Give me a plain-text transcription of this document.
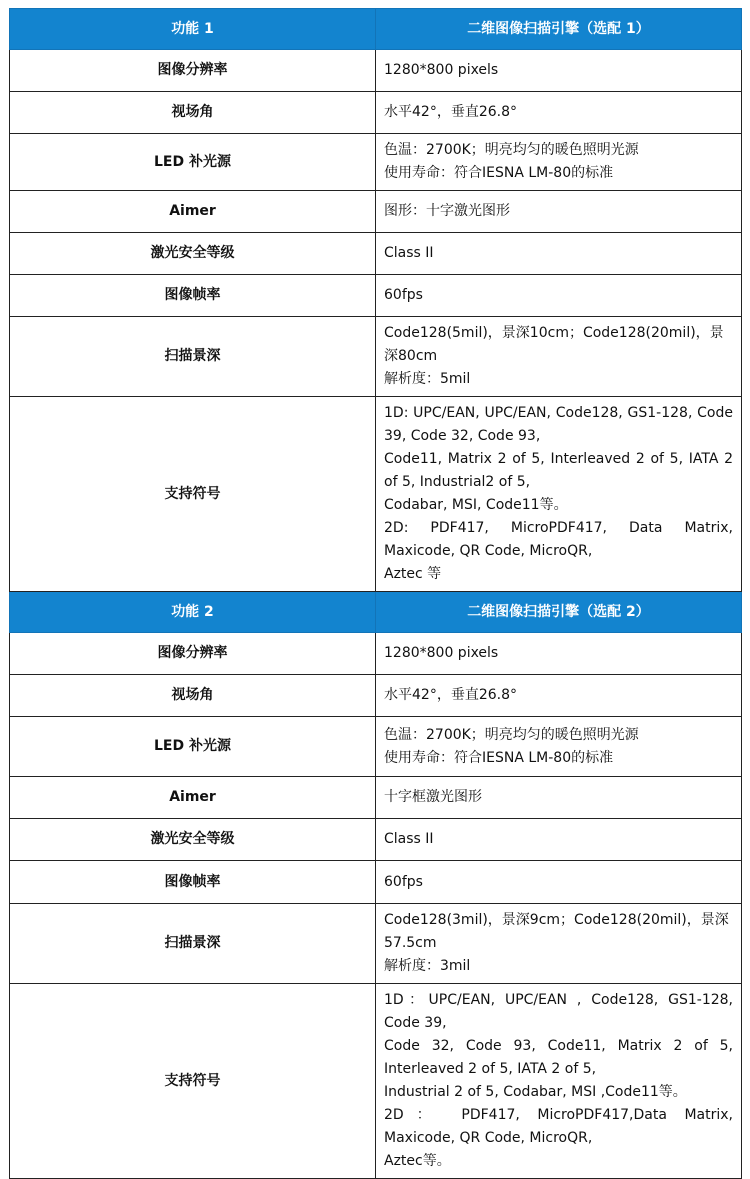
功能 1	二维图像扫描引擎（选配 1）
图像分辨率	1280*800 pixels

视场角	水平42°，垂直26.8°

LED 补光源	色温：2700K；明亮均匀的暖色照明光源
使用寿命：符合IESNA LM-80的标准

Aimer	图形：十字激光图形

激光安全等级	Class II

图像帧率	60fps

扫描景深	Code128(5mil)，景深10cm；Code128(20mil)，景深80cm
解析度：5mil

支持符号	1D: UPC/EAN, UPC/EAN, Code128, GS1-128, Code 39, Code 32, Code 93,
Code11, Matrix 2 of 5, Interleaved 2 of 5, IATA 2 of 5, Industrial2 of 5,
Codabar, MSI, Code11等。
2D: PDF417, MicroPDF417, Data Matrix, Maxicode, QR Code, MicroQR,
Aztec 等

功能 2	二维图像扫描引擎（选配 2）
图像分辨率	1280*800 pixels

视场角	水平42°，垂直26.8°

LED 补光源	色温：2700K；明亮均匀的暖色照明光源
使用寿命：符合IESNA LM-80的标准

Aimer	十字框激光图形

激光安全等级	Class II

图像帧率	60fps

扫描景深	Code128(3mil)，景深9cm；Code128(20mil)，景深57.5cm
解析度：3mil

支持符号	1D：UPC/EAN, UPC/EAN , Code128, GS1-128, Code 39,
Code 32, Code 93, Code11, Matrix 2 of 5, Interleaved 2 of 5, IATA 2 of 5,
Industrial 2 of 5, Codabar, MSI ,Code11等。
2D： PDF417, MicroPDF417,Data Matrix, Maxicode, QR Code, MicroQR,
Aztec等。
